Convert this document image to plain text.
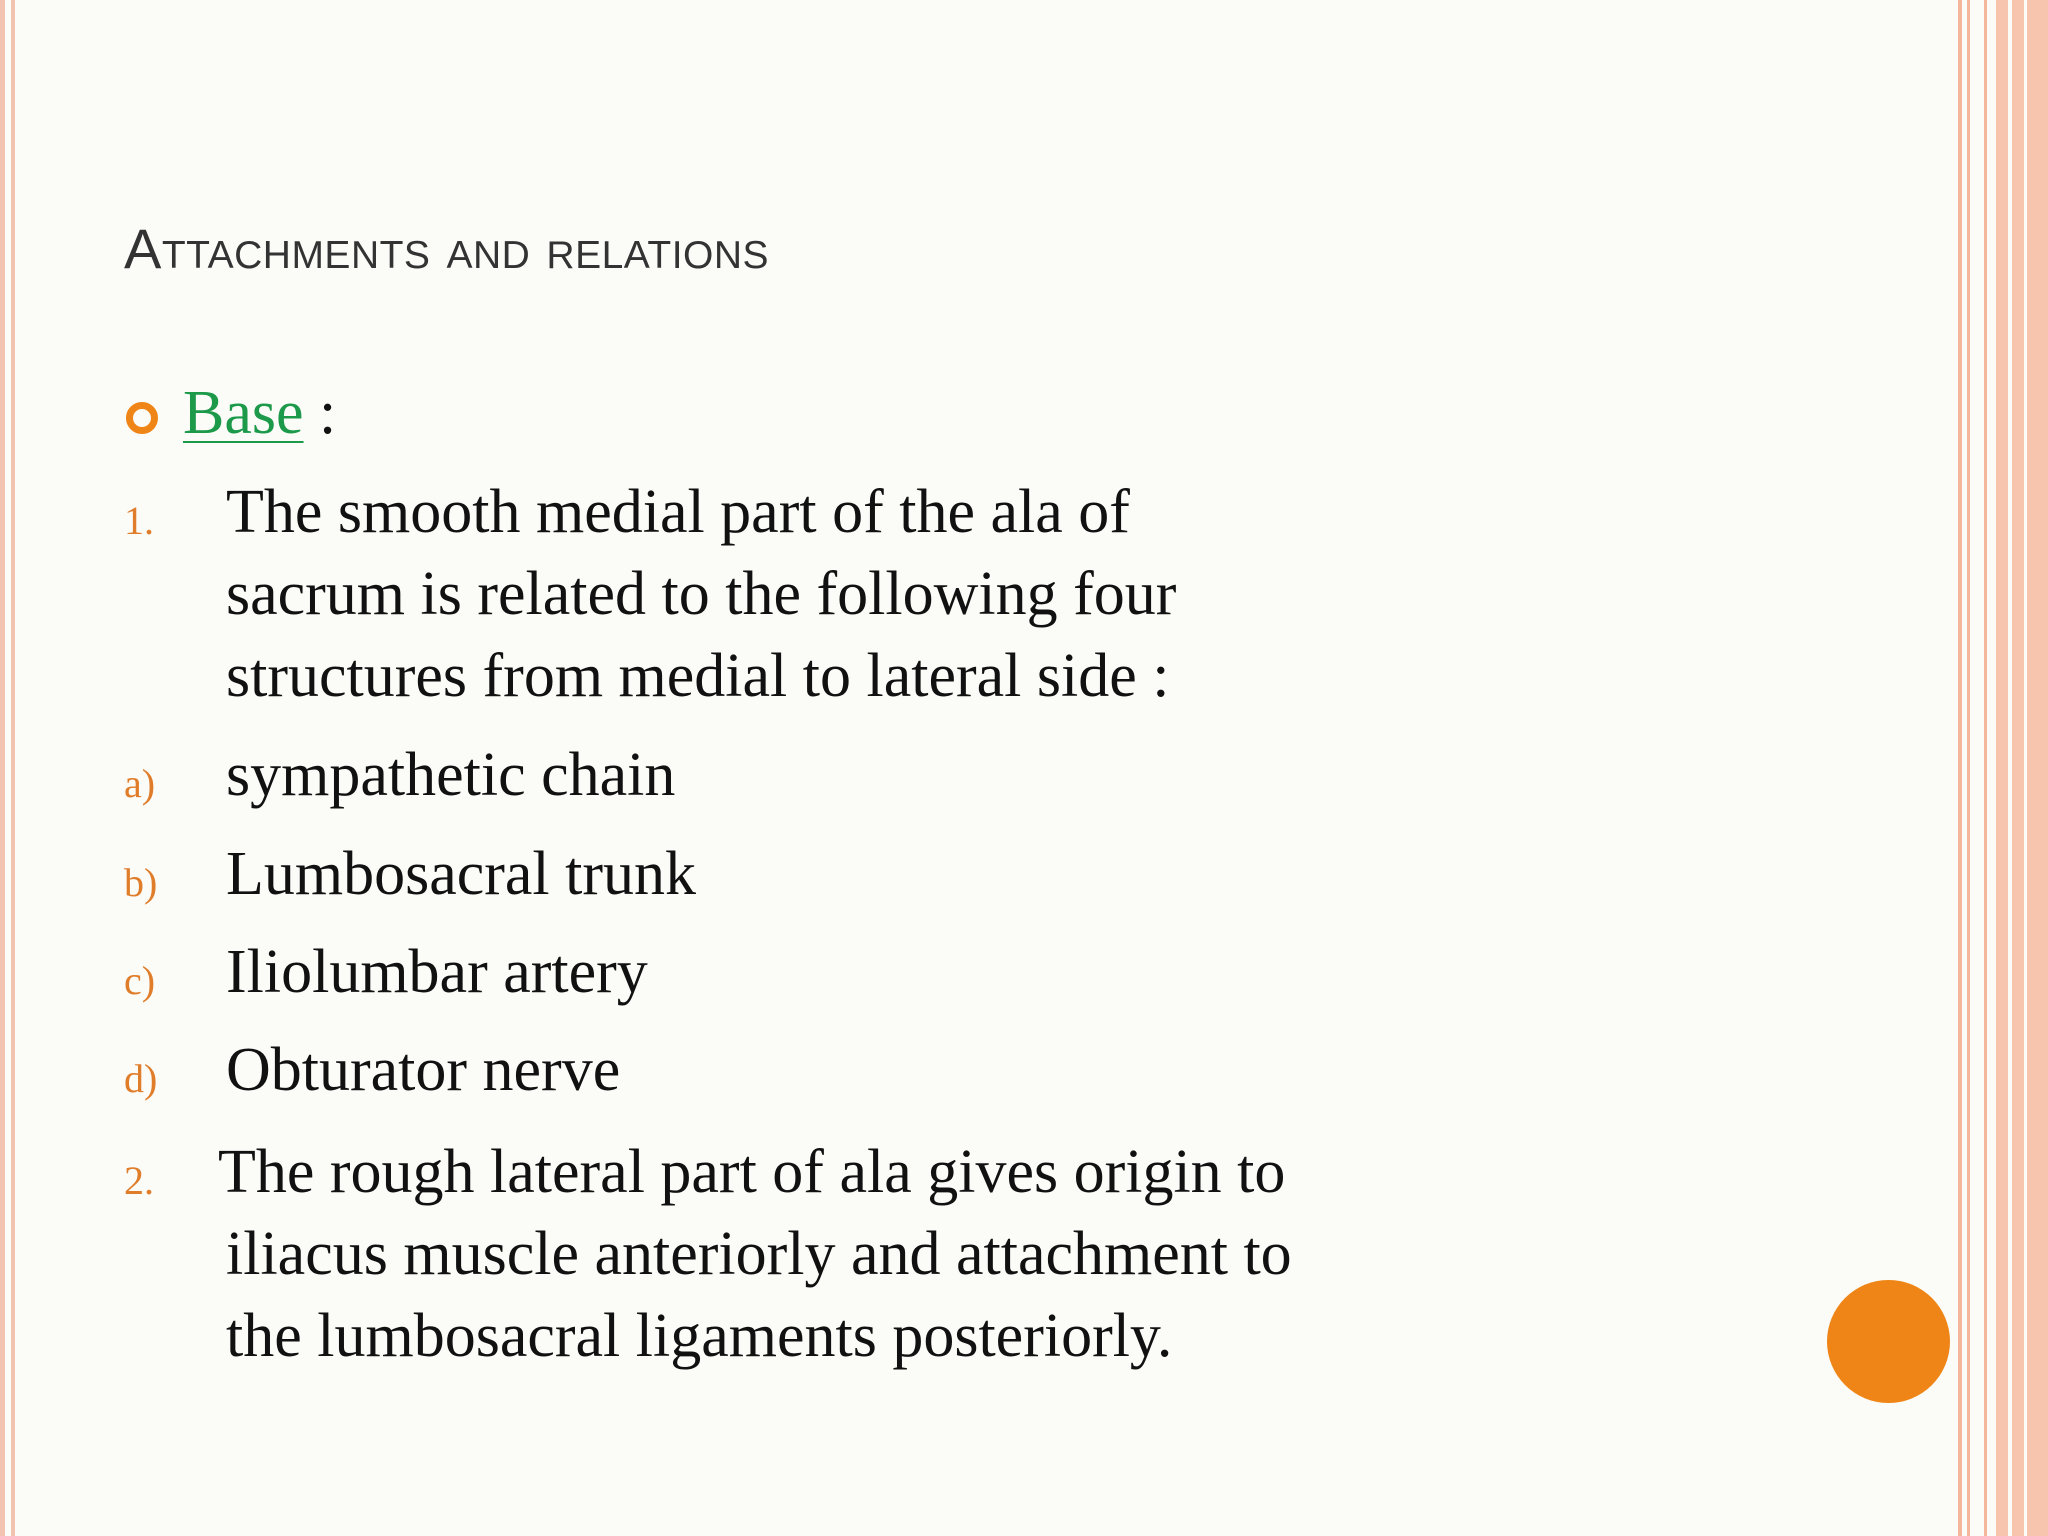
Attachments and relations
Base :
1. The smooth medial part of the ala of
sacrum is related to the following four
structures from medial to lateral side :
a) sympathetic chain
b) Lumbosacral trunk
c) Iliolumbar artery
d) Obturator nerve
2. The rough lateral part of ala gives origin to
iliacus muscle anteriorly and attachment to
the lumbosacral ligaments posteriorly.
